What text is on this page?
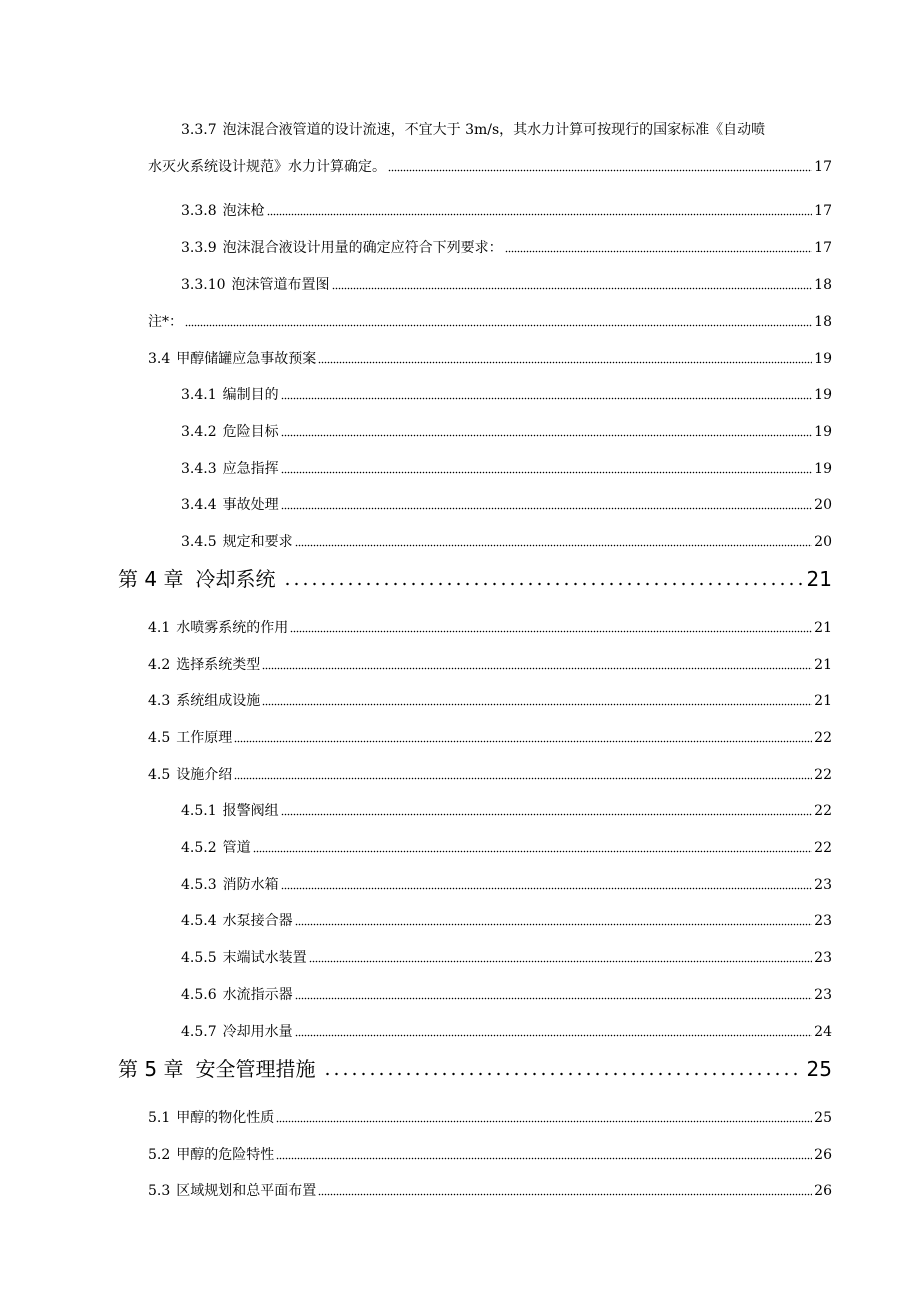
3.3.7 泡沫混合液管道的设计流速，不宜大于 3m/s，其水力计算可按现行的国家标准《自动喷
水灭火系统设计规范》水力计算确定。	17
3.3.8 泡沫枪	17
3.3.9 泡沫混合液设计用量的确定应符合下列要求：	17
3.3.10 泡沫管道布置图	18
注*：	18
3.4 甲醇储罐应急事故预案	19
3.4.1 编制目的	19
3.4.2 危险目标	19
3.4.3 应急指挥	19
3.4.4 事故处理	20
3.4.5 规定和要求	20
第 4 章 冷却系统	21
4.1 水喷雾系统的作用	21
4.2 选择系统类型	21
4.3 系统组成设施	21
4.5 工作原理	22
4.5 设施介绍	22
4.5.1 报警阀组	22
4.5.2 管道	22
4.5.3 消防水箱	23
4.5.4 水泵接合器	23
4.5.5 末端试水装置	23
4.5.6 水流指示器	23
4.5.7 冷却用水量	24
第 5 章 安全管理措施	25
5.1 甲醇的物化性质	25
5.2 甲醇的危险特性	26
5.3 区域规划和总平面布置	26
